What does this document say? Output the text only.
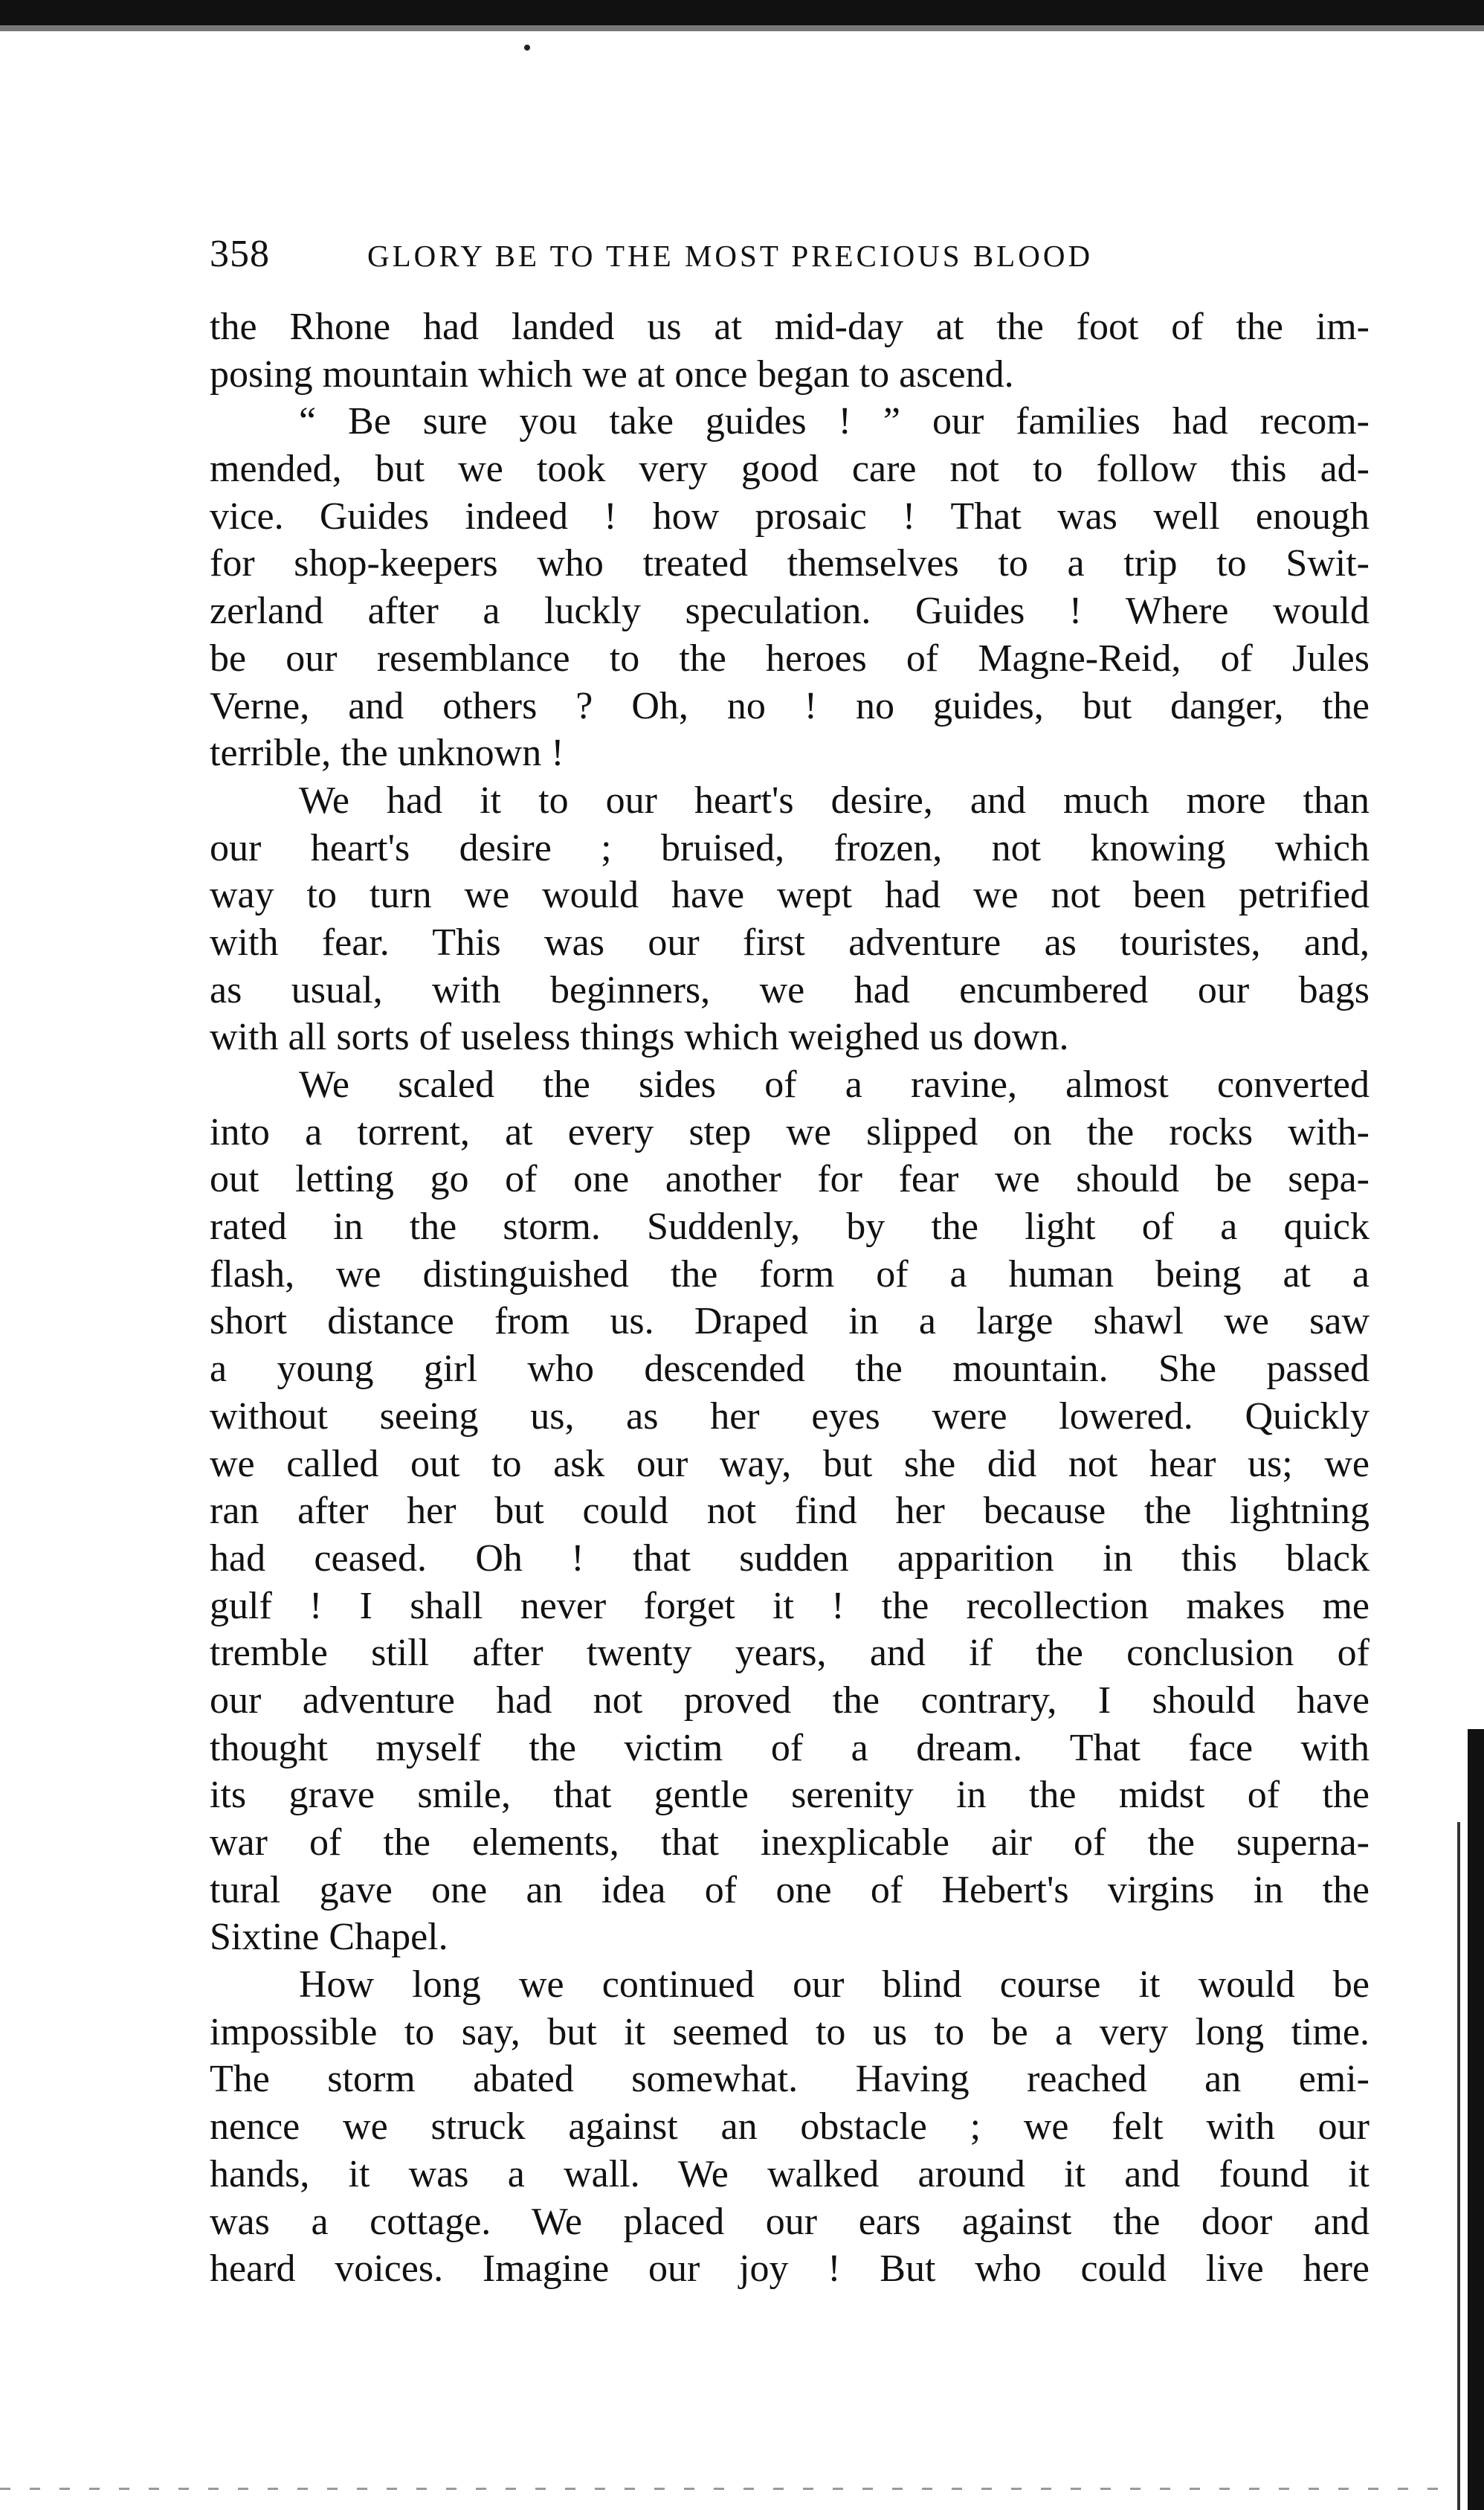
358	GLORY BE TO THE MOST PRECIOUS BLOOD
the Rhone had landed us at mid-day at the foot of the im-
posing mountain which we at once began to ascend.
“ Be sure you take guides ! ” our families had recom-
mended, but we took very good care not to follow this ad-
vice. Guides indeed ! how prosaic ! That was well enough
for shop-keepers who treated themselves to a trip to Swit-
zerland after a luckly speculation. Guides ! Where would
be our resemblance to the heroes of Magne-Reid, of Jules
Verne, and others ? Oh, no ! no guides, but danger, the
terrible, the unknown !
We had it to our heart's desire, and much more than
our heart's desire ; bruised, frozen, not knowing which
way to turn we would have wept had we not been petrified
with fear. This was our first adventure as touristes, and,
as usual, with beginners, we had encumbered our bags
with all sorts of useless things which weighed us down.
We scaled the sides of a ravine, almost converted
into a torrent, at every step we slipped on the rocks with-
out letting go of one another for fear we should be sepa-
rated in the storm. Suddenly, by the light of a quick
flash, we distinguished the form of a human being at a
short distance from us. Draped in a large shawl we saw
a young girl who descended the mountain. She passed
without seeing us, as her eyes were lowered. Quickly
we called out to ask our way, but she did not hear us; we
ran after her but could not find her because the lightning
had ceased. Oh ! that sudden apparition in this black
gulf ! I shall never forget it ! the recollection makes me
tremble still after twenty years, and if the conclusion of
our adventure had not proved the contrary, I should have
thought myself the victim of a dream. That face with
its grave smile, that gentle serenity in the midst of the
war of the elements, that inexplicable air of the superna-
tural gave one an idea of one of Hebert's virgins in the
Sixtine Chapel.
How long we continued our blind course it would be
impossible to say, but it seemed to us to be a very long time.
The storm abated somewhat. Having reached an emi-
nence we struck against an obstacle ; we felt with our
hands, it was a wall. We walked around it and found it
was a cottage. We placed our ears against the door and
heard voices. Imagine our joy ! But who could live here
